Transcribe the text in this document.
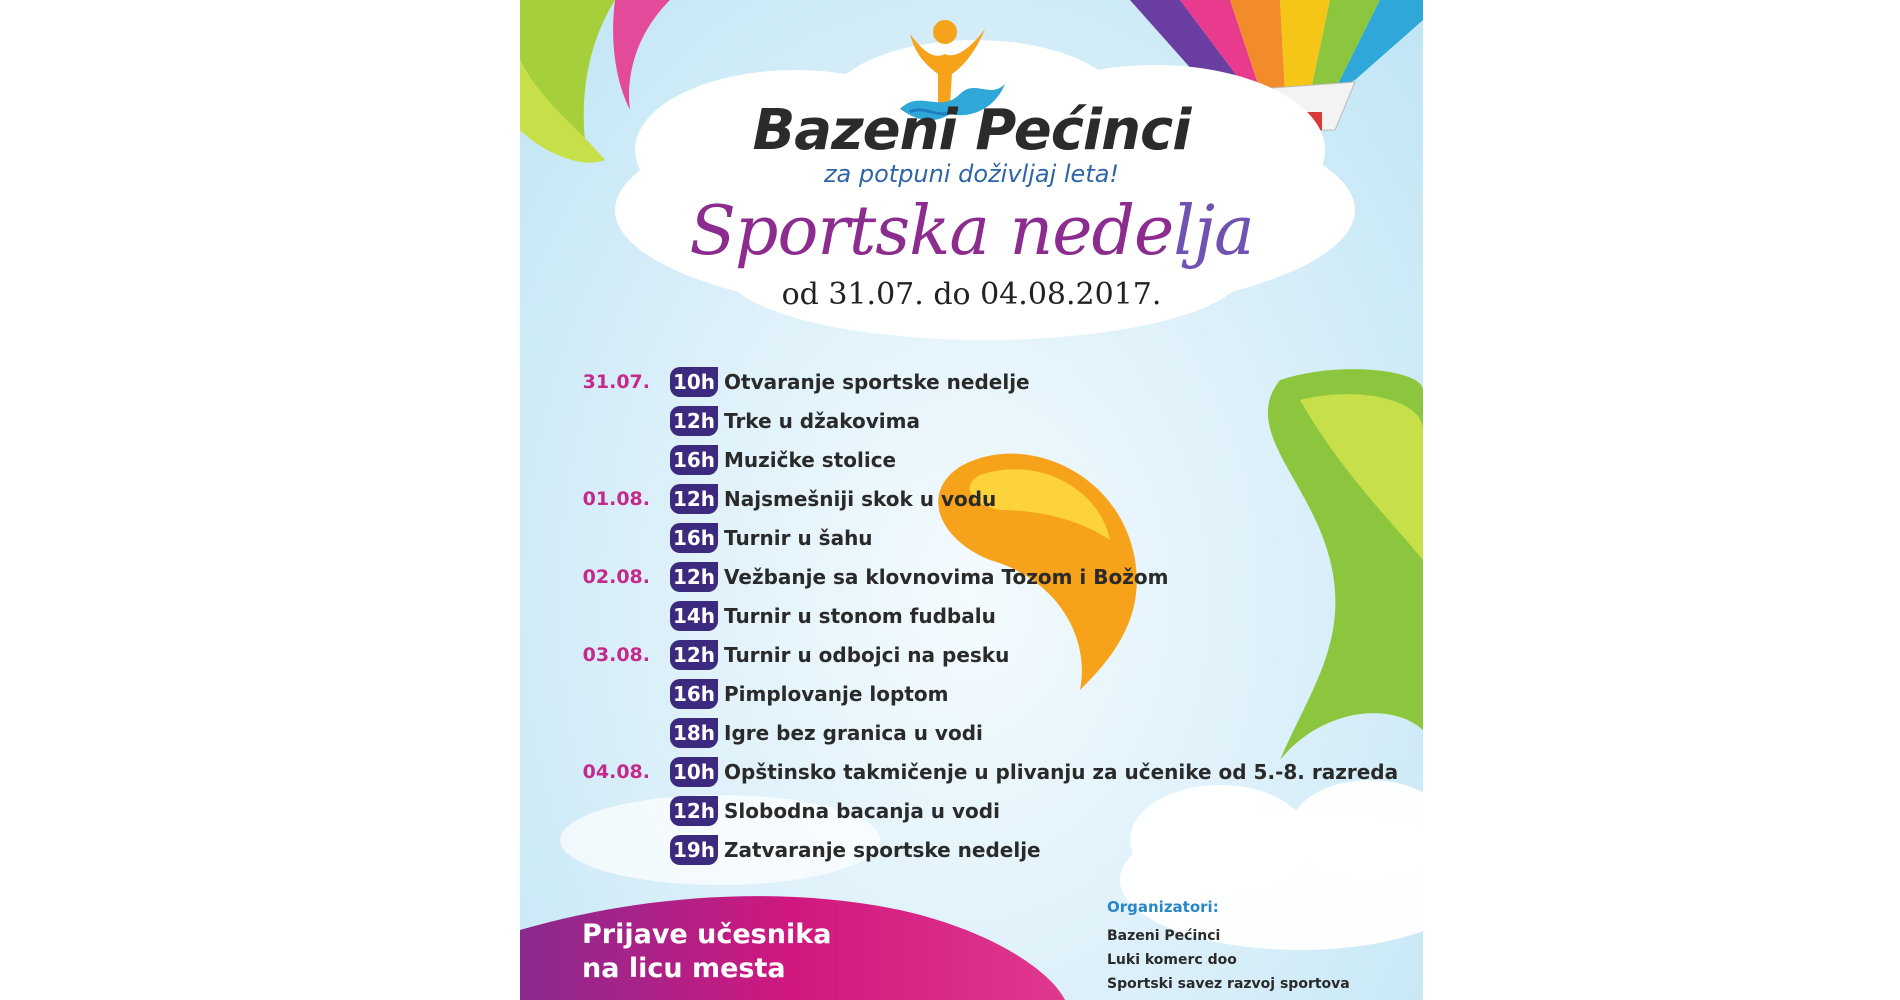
Bazeni Pećinci
za potpuni doživljaj leta!
Sportska nedelja
od 31.07. do 04.08.2017.
31.07. 10h Otvaranje sportske nedelje
12h Trke u džakovima
16h Muzičke stolice
01.08. 12h Najsmešniji skok u vodu
16h Turnir u šahu
02.08. 12h Vežbanje sa klovnovima Tozom i Božom
14h Turnir u stonom fudbalu
03.08. 12h Turnir u odbojci na pesku
16h Pimplovanje loptom
18h Igre bez granica u vodi
04.08. 10h Opštinsko takmičenje u plivanju za učenike od 5.-8. razreda
12h Slobodna bacanja u vodi
19h Zatvaranje sportske nedelje
Prijave učesnika
na licu mesta
Organizatori:
Bazeni Pećinci
Luki komerc doo
Sportski savez razvoj sportova
